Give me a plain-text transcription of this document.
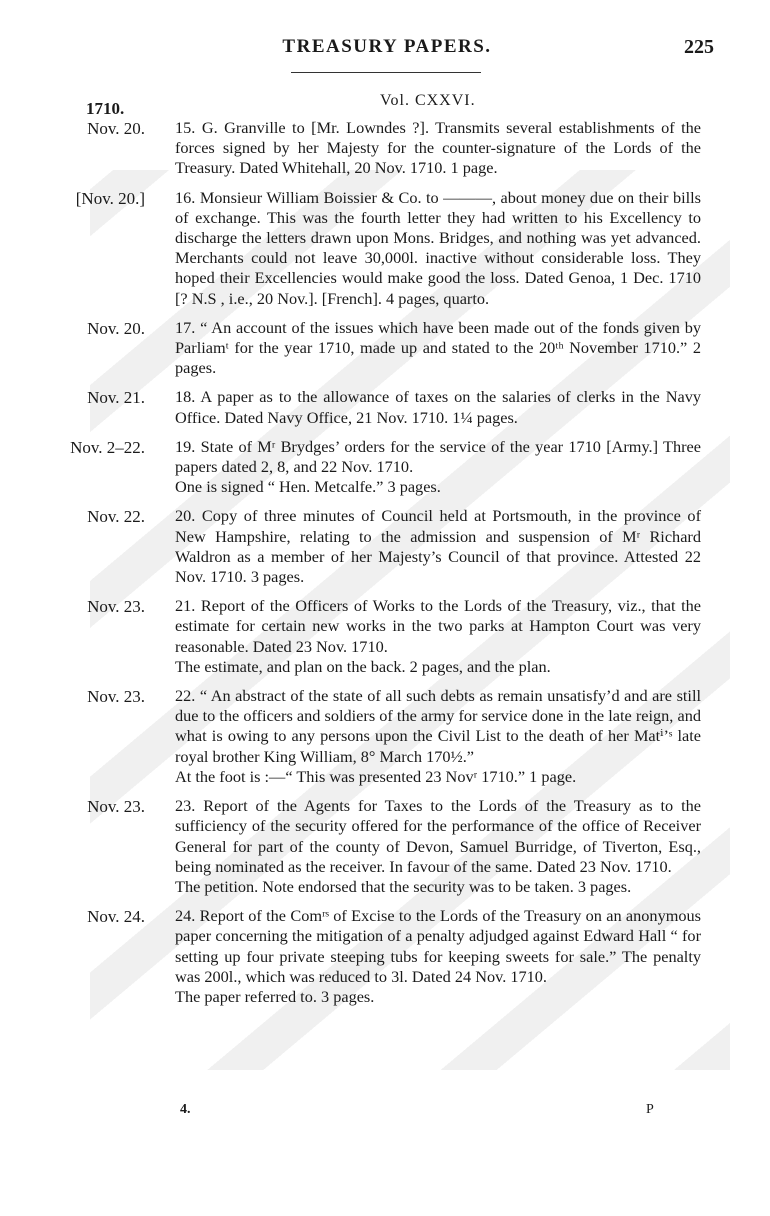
TREASURY PAPERS.	225
Vol. CXXVI.
1710.
Nov. 20. 15. G. Granville to [Mr. Lowndes ?]. Transmits several establishments of the forces signed by her Majesty for the counter-signature of the Lords of the Treasury. Dated Whitehall, 20 Nov. 1710. 1 page.

[Nov. 20.] 16. Monsieur William Boissier & Co. to ———, about money due on their bills of exchange. This was the fourth letter they had written to his Excellency to discharge the letters drawn upon Mons. Bridges, and nothing was yet advanced. Merchants could not leave 30,000l. inactive without considerable loss. They hoped their Excellencies would make good the loss. Dated Genoa, 1 Dec. 1710 [? N.S , i.e., 20 Nov.]. [French]. 4 pages, quarto.

Nov. 20. 17. “ An account of the issues which have been made out of the fonds given by Parliamᵗ for the year 1710, made up and stated to the 20ᵗʰ November 1710.” 2 pages.

Nov. 21. 18. A paper as to the allowance of taxes on the salaries of clerks in the Navy Office. Dated Navy Office, 21 Nov. 1710. 1¼ pages.

Nov. 2–22. 19. State of Mʳ Brydges’ orders for the service of the year 1710 [Army.] Three papers dated 2, 8, and 22 Nov. 1710.

One is signed “ Hen. Metcalfe.” 3 pages.

Nov. 22. 20. Copy of three minutes of Council held at Portsmouth, in the province of New Hampshire, relating to the admission and suspension of Mʳ Richard Waldron as a member of her Majesty’s Council of that province. Attested 22 Nov. 1710. 3 pages.

Nov. 23. 21. Report of the Officers of Works to the Lords of the Treasury, viz., that the estimate for certain new works in the two parks at Hampton Court was very reasonable. Dated 23 Nov. 1710.

The estimate, and plan on the back. 2 pages, and the plan.

Nov. 23. 22. “ An abstract of the state of all such debts as remain unsatisfy’d and are still due to the officers and soldiers of the army for service done in the late reign, and what is owing to any persons upon the Civil List to the death of her Matⁱ’ˢ late royal brother King William, 8° March 170½.”

At the foot is :—“ This was presented 23 Novʳ 1710.” 1 page.

Nov. 23. 23. Report of the Agents for Taxes to the Lords of the Treasury as to the sufficiency of the security offered for the performance of the office of Receiver General for part of the county of Devon, Samuel Burridge, of Tiverton, Esq., being nominated as the receiver. In favour of the same. Dated 23 Nov. 1710.

The petition. Note endorsed that the security was to be taken. 3 pages.

Nov. 24. 24. Report of the Comʳˢ of Excise to the Lords of the Treasury on an anonymous paper concerning the mitigation of a penalty adjudged against Edward Hall “ for setting up four private steeping tubs for keeping sweets for sale.” The penalty was 200l., which was reduced to 3l. Dated 24 Nov. 1710.

The paper referred to. 3 pages.

4.	P
